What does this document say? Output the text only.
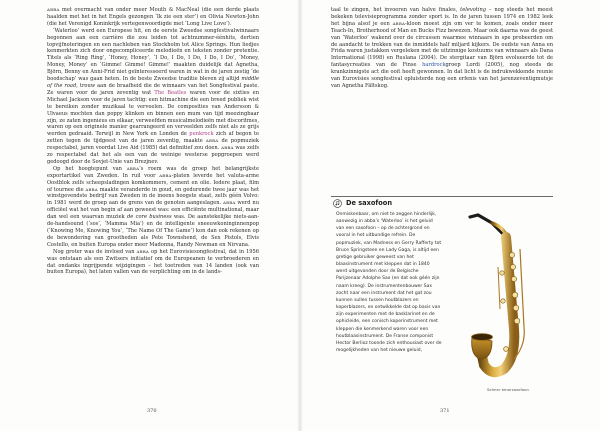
abba met overmacht van onder meer Mouth & MacNeal (die een derde plaats haalden met het in het Engels gezongen ‘Ik zie een ster’) en Olivia Newton-John (die het Verenigd Koninkrijk vertegenwoordigde met ‘Long Live Love’).

‘Waterloo’ werd een Europese hit, en de eerste Zweedse songfestivalwinnaars begonnen aan een carrière die zou leiden tot achtnummer-éénhits, dertien topvijfnoteringen en een nachleben van Stockholm tot Alice Springs. Hun liedjes kenmerkten zich door ongecompliceerde melodieën en teksten zonder pretentie. Titels als ‘Ring Ring’, ‘Honey, Honey’, ‘I Do, I Do, I Do, I Do, I Do’, ‘Money, Money, Money’ en ‘Gimme! Gimme! Gimme!’ maakten duidelijk dat Agnetha, Björn, Benny en Anni-Frid niet geïnteresseerd waren in wat in de jaren zestig ‘de boodschap’ was gaan heten. In de beste Zweedse traditie bleven zij altijd middle of the road, trouw aan de braafheid die de winnaars van het Songfestival paste. Ze waren voor de jaren zeventig wat The Beatles waren voor de sixties en Michael Jackson voor de jaren tachtig: een hitmachine die een breed publiek wist te bereiken zonder muzikaal te verveelen. De composities van Andersson & Ulvaeus mochten dan poppy klinken en binnen een mum van tijd meezingbaar zijn, ze zaten ingenieus en elkaar, verweefden musicalmelodieën met discoritmes, waren op een originele manier gearrangeerd en verveelden zelfs niet als ze grijs werden gedraaid. Terwijl in New York en Londen de punkrock zich af begon te zetten tegen de tijdgeest van de jaren zeventig, maakte abba de popmuziek respectabel, jaren voordat Live Aid (1985) dat definitief zou doen. abba was zelfs zo respectabel dat het als een van de weinige westerse popgroepen werd gedoogd door de Sovjet-Unie van Brezjnev.

Op het hoogtepunt van abba’s roem was de groep het belangrijkste exportartikel van Zweden. In ruil voor abba-platen leverde het valuta-arme Oostblok zelfs scheepsladingen komkommers, cement en olie. Iedere plaat, film of tournee die abba maakte veranderde in goud, en gedurende twee jaar was het winstgevendste bedrijf van Zweden in de ineens hoogste staat, zelfs géén Volvo: in 1981 werd de groep aan de grens van de genoten aangeslagen. abba werd nu officiëel wat het van begin af aan geweest was: een efficiënte multinational, maar dan wel een waarvan muziek de core business was. De aanstekelijke niets-aan-de-handsound (‘sos’, ‘Mamma Mia’) en de intelligente sneeuwkoninginnenpop (‘Knowing Me, Knowing You’, ‘The Name Of The Game’) kon dan ook rekenen op de bewondering van grootheden als Pete Townshend, de Sex Pistols, Elvis Costello, en buiten Europa onder meer Madonna, Randy Newman en Nirvana.

Nog groter was de invloed van abba op het Eurovisiesongfestival, dat in 1956 was ontstaan als een Zwitsers initiatief om de Europeanen te verbroederen en dat ondanks ingrijpende wijzigingen – het toetreden van 14 landen (ook van buiten Europa), het laten vallen van de verplichting om in de lands-

taal te zingen, het invoeren van halve finales, televoting – nog steeds het meest bekeken televisieprogramma zonder sport is. In de jaren tussen 1974 en 1982 leek het bijna alsof je een abba-kloon moest zijn om ver te komen, zoals onder meer Teach-In, Brotherhood of Man en Bucks Fizz bewezen. Maar ook daarna was de geest van ‘Waterloo’ wakend over de circussen waarmee winnaars in spe probeerden om de aandacht te trekken van de inmiddels half miljard kijkers. De oudste van Anna en Frida waren justakken vergeleken met de uitzinnige kostuums van winnaars als Dana International (1998) en Ruslana (2004). De stergitaar van Björn evolueerde tot de fantasycreaties van de Finse hardrockgroep Lordi (2005), nog steeds de krankzinnigste act die ooit heeft gewonnen. In dat licht is de indrukwekkende reunie van Eurovisies songfestival opluisterde nog een erfenis van het jarenzeventigmutsje van Agnetha Fältskog.

De saxofoon
Onmiskenbaar, om niet te zeggen hinderlijk, aanwezig in abba’s ‘Waterloo’ is het geluid van een saxofoon – op de achtergrond en vooral in het uitbundige refrein. De popmuziek, van Madness en Gerry Rafferty tot Bruce Springsteen en Lady Gaga, is altijd een gretige gebruiker geweest van het blaasinstrument met kleppen dat in 1840 werd uitgevonden door de Belgische Parijzenaar Adolphe Sax (en dat ook géén zijn naam kreeg). De instrumentenbouwer Sax zocht naar een instrument dat het gat zou kunnen sullen tussen houtblazers en koperblazers, en ontwikkelde dat op basis van zijn experimenten met de basklarinet en de ophicleide, een conisch koperinstrument met kleppen die kenmerkend waren voor een houtblaasinstrument. De Franse componist Hector Berlioz toonde zich enthousiast over de mogelijkheden van het nieuwe geluid,
Selmer tenorsaxofoon
370	371
